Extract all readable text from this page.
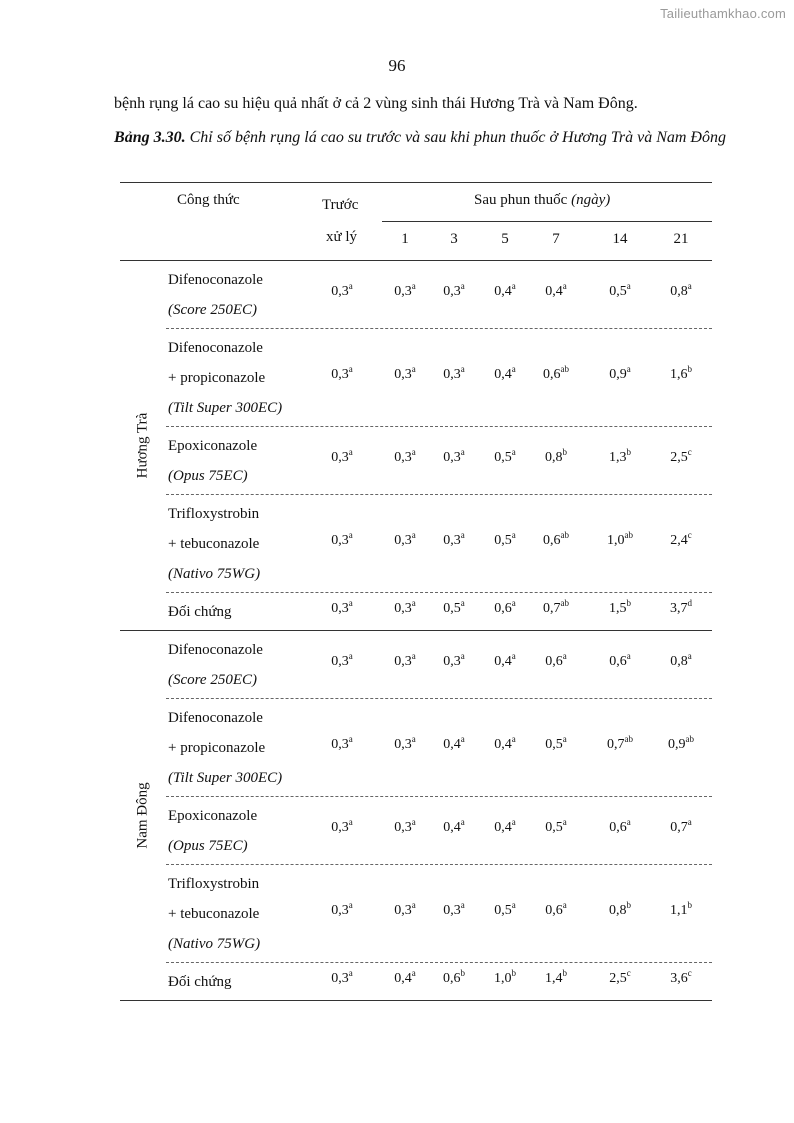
Tailieuthamkhao.com
96
bệnh rụng lá cao su hiệu quả nhất ở cả 2 vùng sinh thái Hương Trà và Nam Đông.
Bảng 3.30. Chỉ số bệnh rụng lá cao su trước và sau khi phun thuốc ở Hương Trà và Nam Đông
Công thức	Trước
xử lý
Sau phun thuốc (ngày)
1	3	5	7	14	21
Difenoconazole
(Score 250EC)
0,3$^a$	0,3$^a$	0,3$^a$	0,4$^a$	0,4$^a$	0,5$^a$	0,8$^a$
Difenoconazole
+ propiconazole
(Tilt Super 300EC)
0,3$^a$	0,3$^a$	0,3$^a$	0,4$^a$	0,6$^{ab}$	0,9$^a$	1,6$^b$
Epoxiconazole
(Opus 75EC)
0,3$^a$	0,3$^a$	0,3$^a$	0,5$^a$	0,8$^b$	1,3$^b$	2,5$^c$
Trifloxystrobin
+ tebuconazole
(Nativo 75WG)
0,3$^a$	0,3$^a$	0,3$^a$	0,5$^a$	0,6$^{ab}$	1,0$^{ab}$	2,4$^c$
Đối chứng	0,3$^a$	0,3$^a$	0,5$^a$	0,6$^a$	0,7$^{ab}$	1,5$^b$	3,7$^d$
Hương Trà
Difenoconazole
(Score 250EC)
0,3$^a$	0,3$^a$	0,3$^a$	0,4$^a$	0,6$^a$	0,6$^a$	0,8$^a$
Difenoconazole
+ propiconazole
(Tilt Super 300EC)
0,3$^a$	0,3$^a$	0,4$^a$	0,4$^a$	0,5$^a$	0,7$^{ab}$	0,9$^{ab}$
Epoxiconazole
(Opus 75EC)
0,3$^a$	0,3$^a$	0,4$^a$	0,4$^a$	0,5$^a$	0,6$^a$	0,7$^a$
Trifloxystrobin
+ tebuconazole
(Nativo 75WG)
0,3$^a$	0,3$^a$	0,3$^a$	0,5$^a$	0,6$^a$	0,8$^b$	1,1$^b$
Đối chứng	0,3$^a$	0,4$^a$	0,6$^b$	1,0$^b$	1,4$^b$	2,5$^c$	3,6$^c$
Nam Đông
